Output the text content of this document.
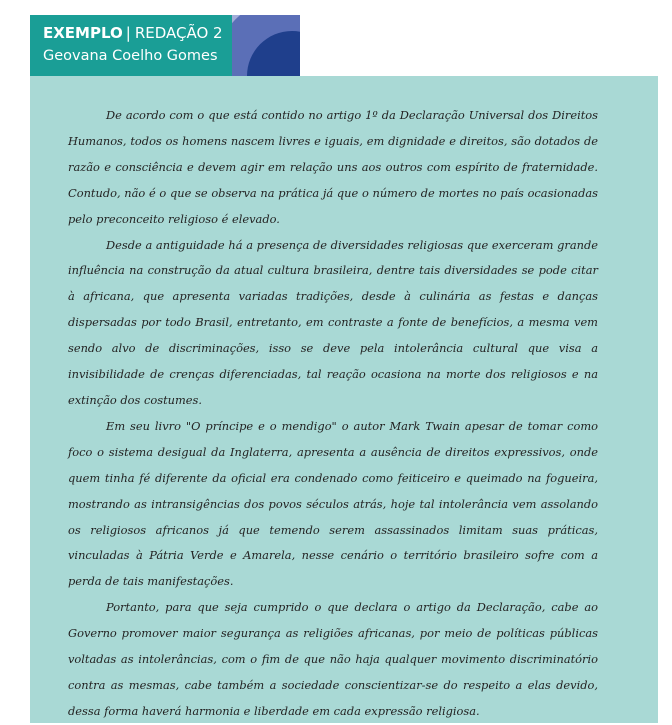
EXEMPLO | REDAÇÃO 2
Geovana Coelho Gomes

De acordo com o que está contido no artigo 1º da Declaração Universal dos Direitos Humanos, todos os homens nascem livres e iguais, em dignidade e direitos, são dotados de razão e consciência e devem agir em relação uns aos outros com espírito de fraternidade. Contudo, não é o que se observa na prática já que o número de mortes no país ocasionadas pelo preconceito religioso é elevado.

Desde a antiguidade há a presença de diversidades religiosas que exerceram grande influência na construção da atual cultura brasileira, dentre tais diversidades se pode citar à africana, que apresenta variadas tradições, desde à culinária as festas e danças dispersadas por todo Brasil, entretanto, em contraste a fonte de benefícios, a mesma vem sendo alvo de discriminações, isso se deve pela intolerância cultural que visa a invisibilidade de crenças diferenciadas, tal reação ocasiona na morte dos religiosos e na extinção dos costumes.

Em seu livro "O príncipe e o mendigo" o autor Mark Twain apesar de tomar como foco o sistema desigual da Inglaterra, apresenta a ausência de direitos expressivos, onde quem tinha fé diferente da oficial era condenado como feiticeiro e queimado na fogueira, mostrando as intransigências dos povos séculos atrás, hoje tal intolerância vem assolando os religiosos africanos já que temendo serem assassinados limitam suas práticas, vinculadas à Pátria Verde e Amarela, nesse cenário o território brasileiro sofre com a perda de tais manifestações.

Portanto, para que seja cumprido o que declara o artigo da Declaração, cabe ao Governo promover maior segurança as religiões africanas, por meio de políticas públicas voltadas as intolerâncias, com o fim de que não haja qualquer movimento discriminatório contra as mesmas, cabe também a sociedade conscientizar-se do respeito a elas devido, dessa forma haverá harmonia e liberdade em cada expressão religiosa.
